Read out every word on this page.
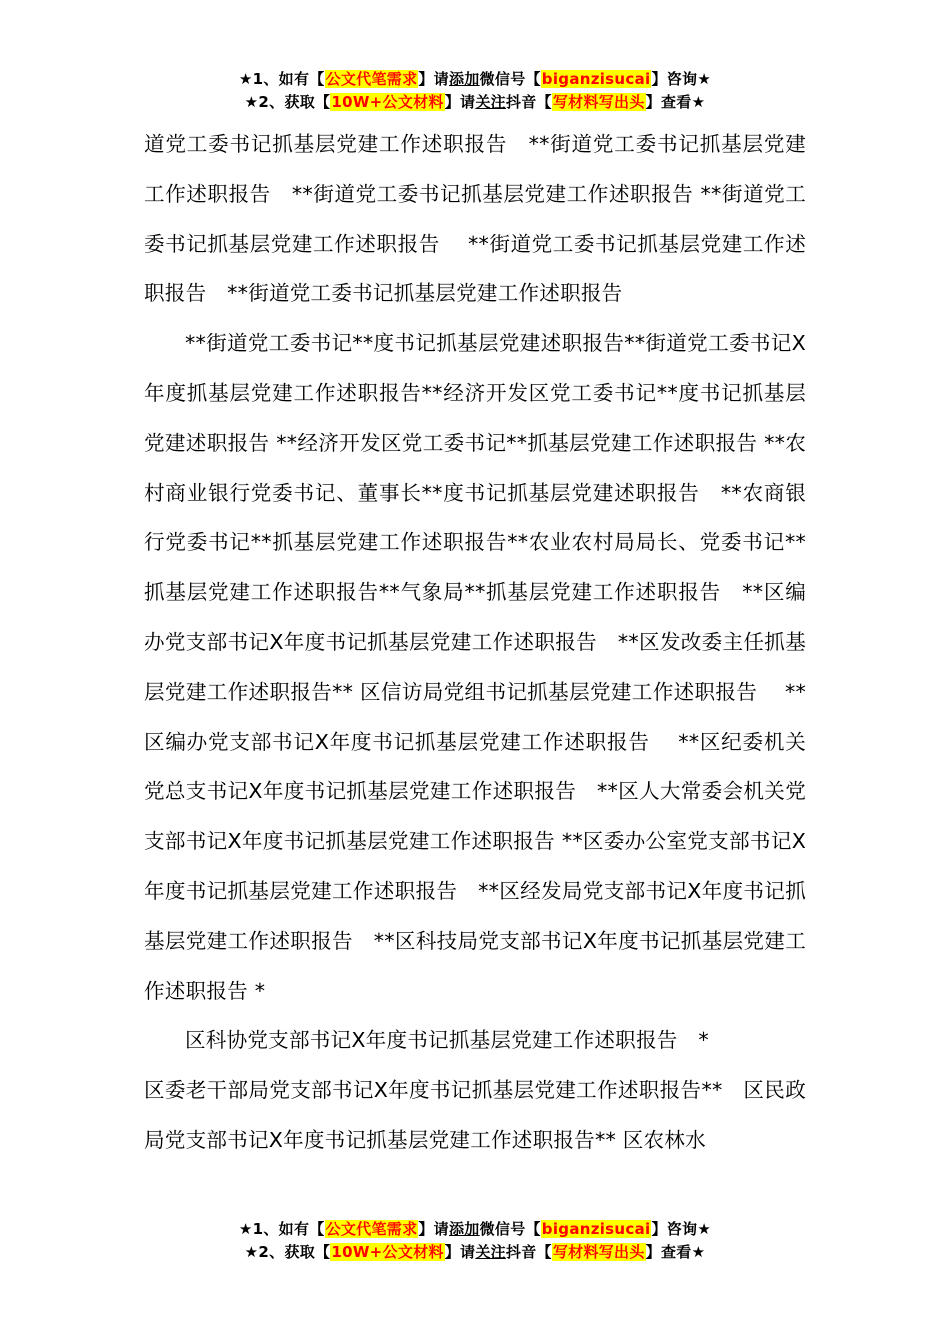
★1、如有【公文代笔需求】请添加微信号【biganzisucai】咨询★
★2、获取【10W+公文材料】请关注抖音【写材料写出头】查看★

道党工委书记抓基层党建工作述职报告　**街道党工委书记抓基层党建工作述职报告　**街道党工委书记抓基层党建工作述职报告 **街道党工委书记抓基层党建工作述职报告　 **街道党工委书记抓基层党建工作述职报告　**街道党工委书记抓基层党建工作述职报告

**街道党工委书记**度书记抓基层党建述职报告**街道党工委书记X年度抓基层党建工作述职报告**经济开发区党工委书记**度书记抓基层党建述职报告 **经济开发区党工委书记**抓基层党建工作述职报告 **农村商业银行党委书记、董事长**度书记抓基层党建述职报告　**农商银行党委书记**抓基层党建工作述职报告**农业农村局局长、党委书记**抓基层党建工作述职报告**气象局**抓基层党建工作述职报告　**区编办党支部书记X年度书记抓基层党建工作述职报告　**区发改委主任抓基层党建工作述职报告** 区信访局党组书记抓基层党建工作述职报告　 **区编办党支部书记X年度书记抓基层党建工作述职报告　 **区纪委机关党总支书记X年度书记抓基层党建工作述职报告　**区人大常委会机关党支部书记X年度书记抓基层党建工作述职报告 **区委办公室党支部书记X年度书记抓基层党建工作述职报告　**区经发局党支部书记X年度书记抓基层党建工作述职报告　**区科技局党支部书记X年度书记抓基层党建工作述职报告 *

区科协党支部书记X年度书记抓基层党建工作述职报告　*

区委老干部局党支部书记X年度书记抓基层党建工作述职报告**　区民政局党支部书记X年度书记抓基层党建工作述职报告** 区农林水

★1、如有【公文代笔需求】请添加微信号【biganzisucai】咨询★
★2、获取【10W+公文材料】请关注抖音【写材料写出头】查看★
